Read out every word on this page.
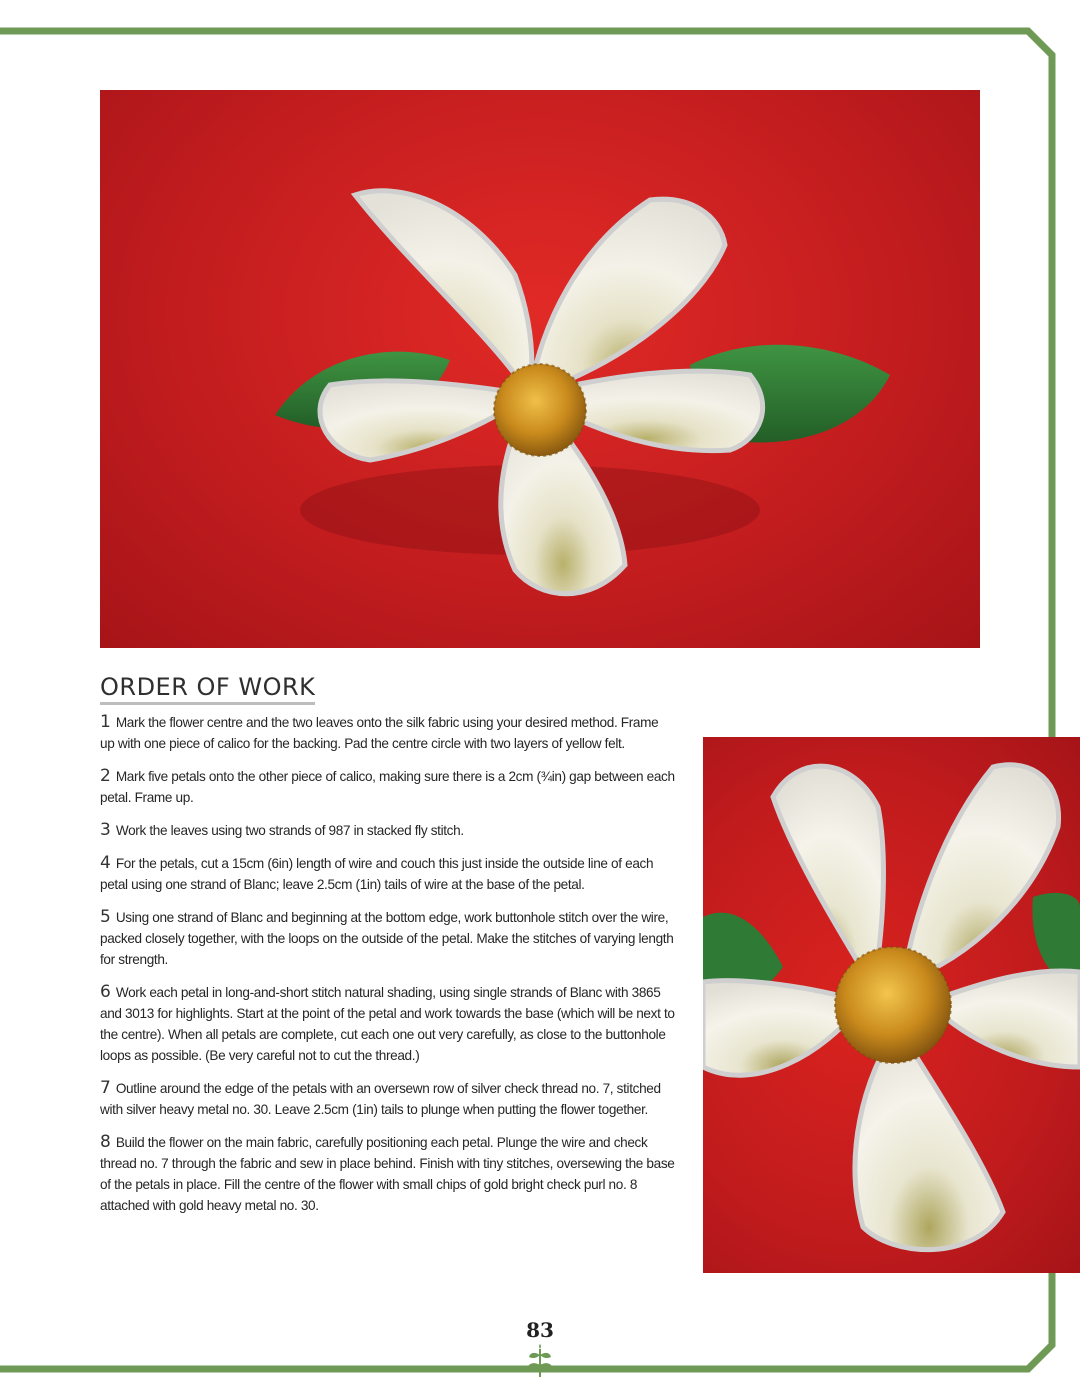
ORDER OF WORK
1 Mark the flower centre and the two leaves onto the silk fabric using your desired method. Frame up with one piece of calico for the backing. Pad the centre circle with two layers of yellow felt.
2 Mark five petals onto the other piece of calico, making sure there is a 2cm (¾in) gap between each petal. Frame up.
3 Work the leaves using two strands of 987 in stacked fly stitch.
4 For the petals, cut a 15cm (6in) length of wire and couch this just inside the outside line of each petal using one strand of Blanc; leave 2.5cm (1in) tails of wire at the base of the petal.
5 Using one strand of Blanc and beginning at the bottom edge, work buttonhole stitch over the wire, packed closely together, with the loops on the outside of the petal. Make the stitches of varying length for strength.
6 Work each petal in long-and-short stitch natural shading, using single strands of Blanc with 3865 and 3013 for highlights. Start at the point of the petal and work towards the base (which will be next to the centre). When all petals are complete, cut each one out very carefully, as close to the buttonhole loops as possible. (Be very careful not to cut the thread.)
7 Outline around the edge of the petals with an oversewn row of silver check thread no. 7, stitched with silver heavy metal no. 30. Leave 2.5cm (1in) tails to plunge when putting the flower together.
8 Build the flower on the main fabric, carefully positioning each petal. Plunge the wire and check thread no. 7 through the fabric and sew in place behind. Finish with tiny stitches, oversewing the base of the petals in place. Fill the centre of the flower with small chips of gold bright check purl no. 8 attached with gold heavy metal no. 30.
83
